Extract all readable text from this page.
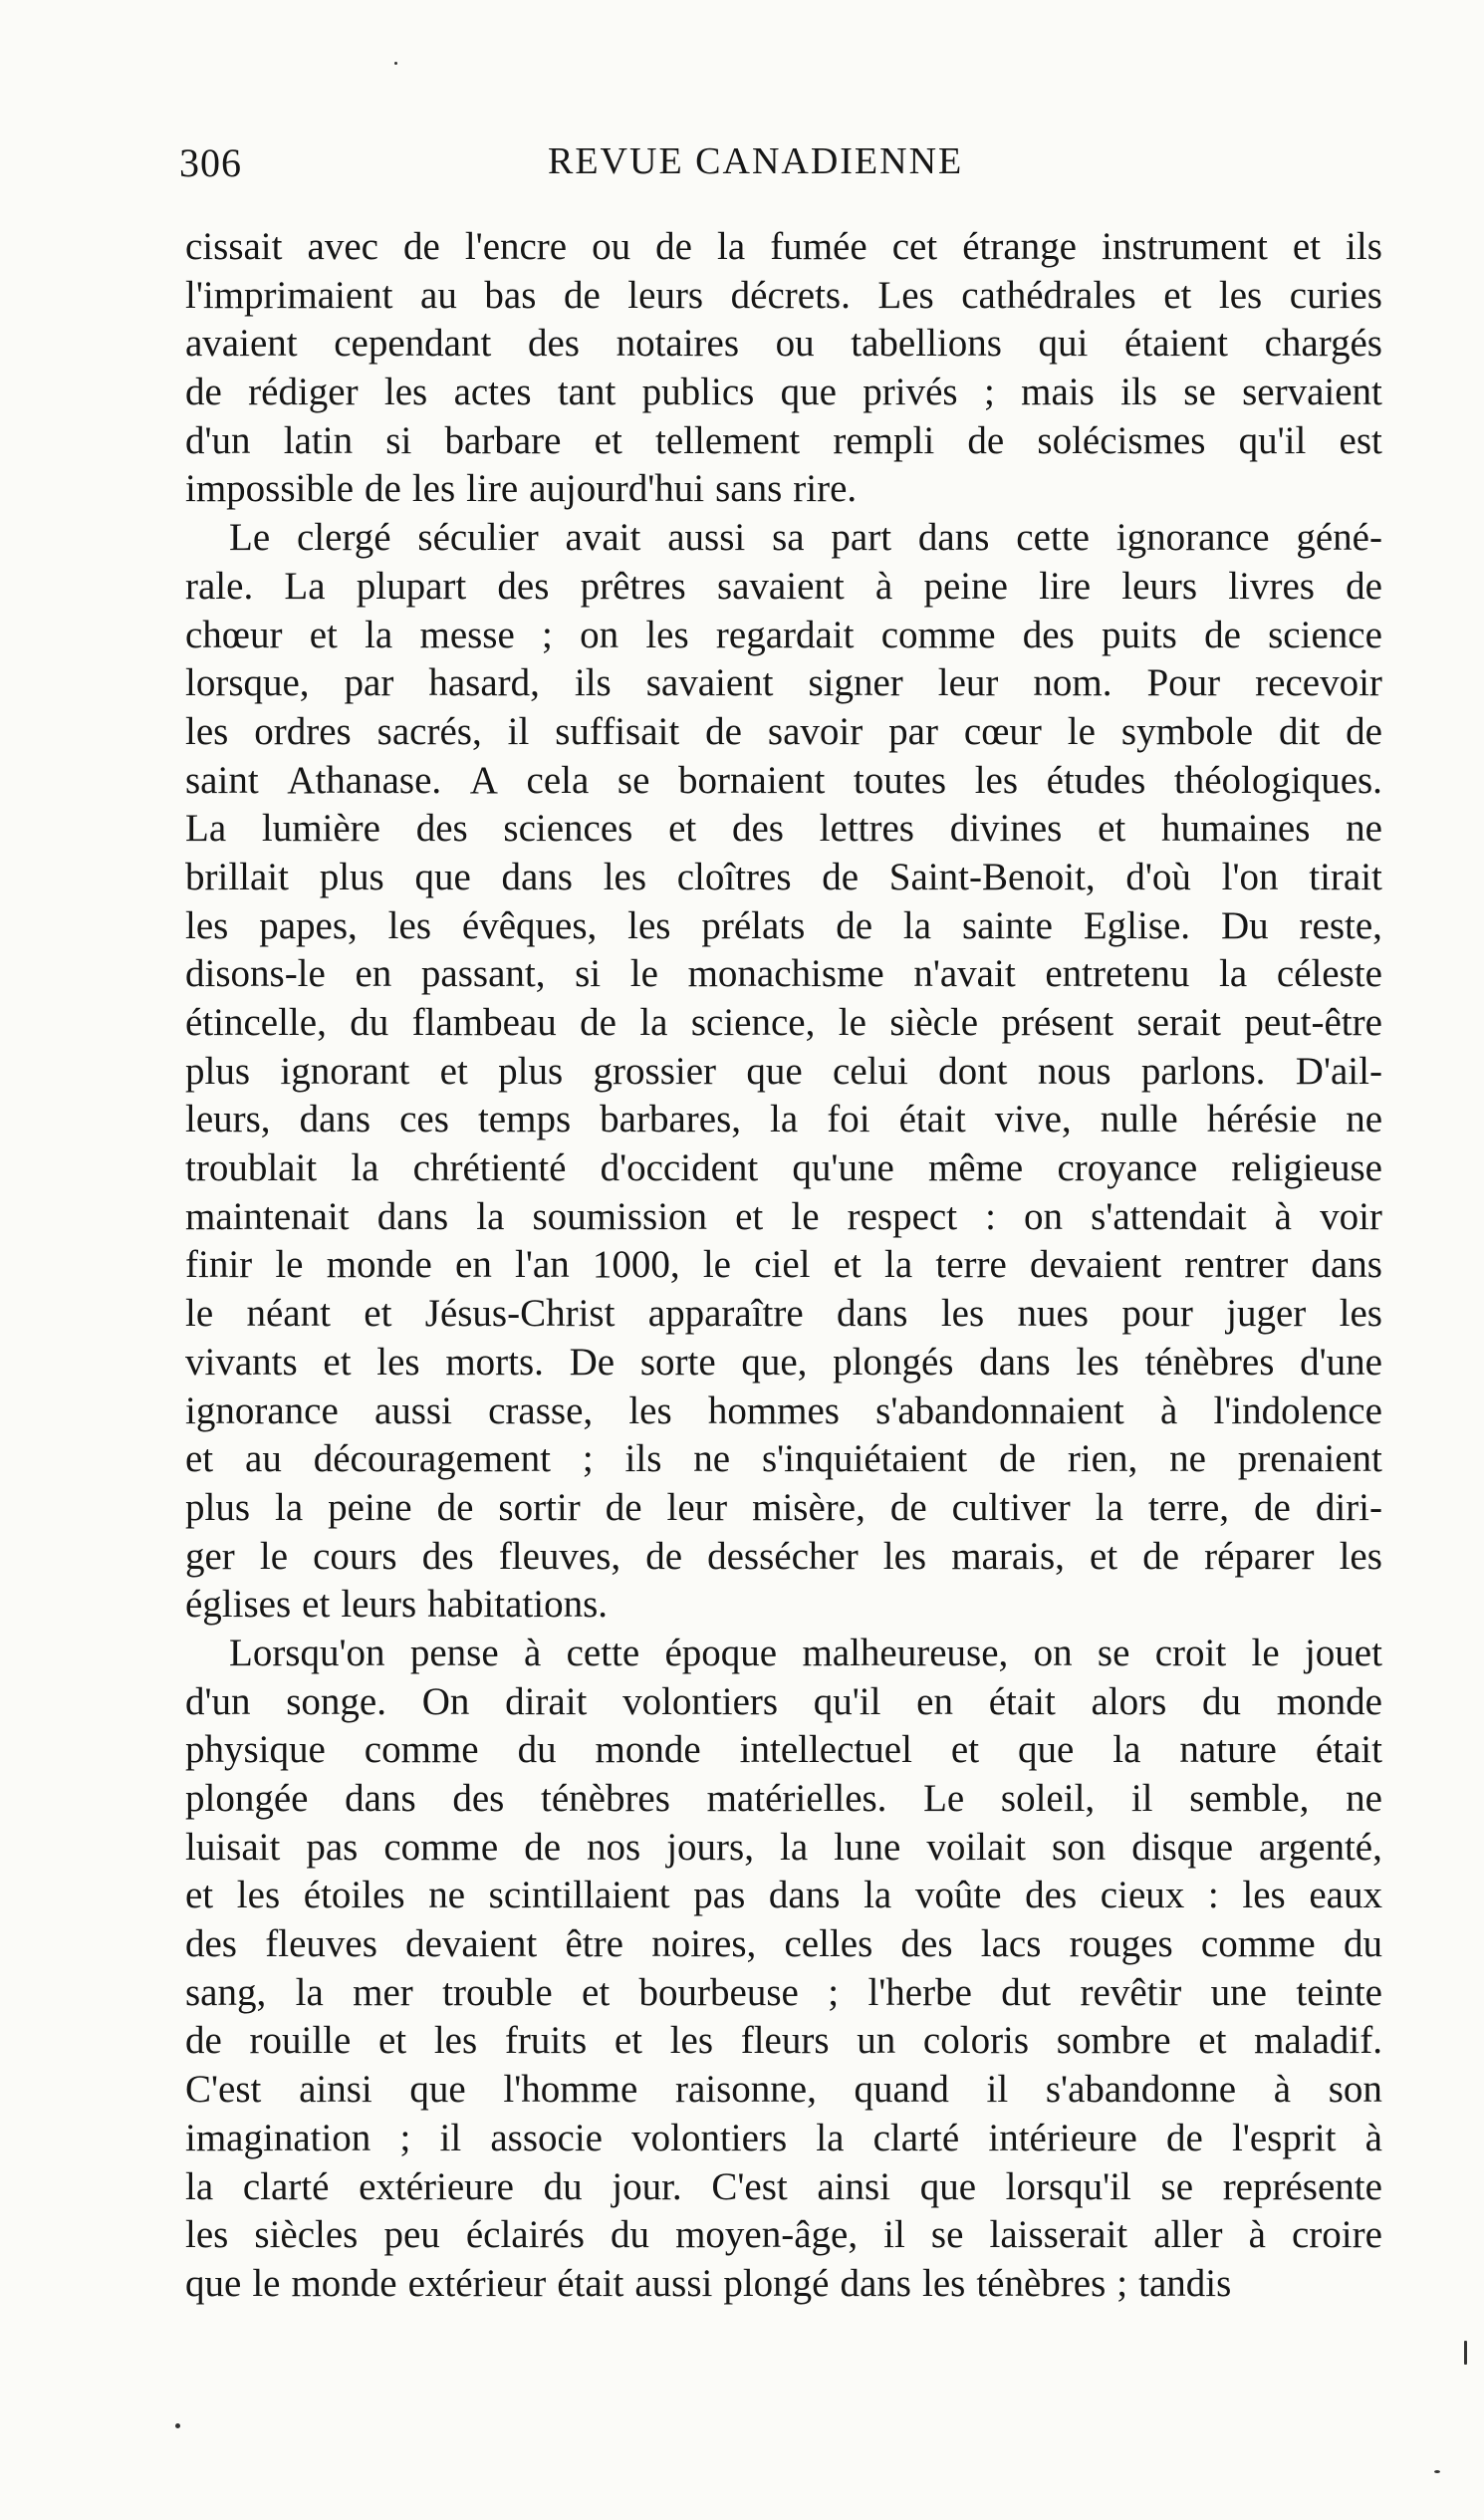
306	REVUE CANADIENNE
cissait avec de l'encre ou de la fumée cet étrange instrument et ils
l'imprimaient au bas de leurs décrets. Les cathédrales et les curies
avaient cependant des notaires ou tabellions qui étaient chargés
de rédiger les actes tant publics que privés ; mais ils se servaient
d'un latin si barbare et tellement rempli de solécismes qu'il est
impossible de les lire aujourd'hui sans rire.
Le clergé séculier avait aussi sa part dans cette ignorance géné-
rale. La plupart des prêtres savaient à peine lire leurs livres de
chœur et la messe ; on les regardait comme des puits de science
lorsque, par hasard, ils savaient signer leur nom. Pour recevoir
les ordres sacrés, il suffisait de savoir par cœur le symbole dit de
saint Athanase. A cela se bornaient toutes les études théologiques.
La lumière des sciences et des lettres divines et humaines ne
brillait plus que dans les cloîtres de Saint-Benoit, d'où l'on tirait
les papes, les évêques, les prélats de la sainte Eglise. Du reste,
disons-le en passant, si le monachisme n'avait entretenu la céleste
étincelle, du flambeau de la science, le siècle présent serait peut-être
plus ignorant et plus grossier que celui dont nous parlons. D'ail-
leurs, dans ces temps barbares, la foi était vive, nulle hérésie ne
troublait la chrétienté d'occident qu'une même croyance religieuse
maintenait dans la soumission et le respect : on s'attendait à voir
finir le monde en l'an 1000, le ciel et la terre devaient rentrer dans
le néant et Jésus-Christ apparaître dans les nues pour juger les
vivants et les morts. De sorte que, plongés dans les ténèbres d'une
ignorance aussi crasse, les hommes s'abandonnaient à l'indolence
et au découragement ; ils ne s'inquiétaient de rien, ne prenaient
plus la peine de sortir de leur misère, de cultiver la terre, de diri-
ger le cours des fleuves, de dessécher les marais, et de réparer les
églises et leurs habitations.
Lorsqu'on pense à cette époque malheureuse, on se croit le jouet
d'un songe. On dirait volontiers qu'il en était alors du monde
physique comme du monde intellectuel et que la nature était
plongée dans des ténèbres matérielles. Le soleil, il semble, ne
luisait pas comme de nos jours, la lune voilait son disque argenté,
et les étoiles ne scintillaient pas dans la voûte des cieux : les eaux
des fleuves devaient être noires, celles des lacs rouges comme du
sang, la mer trouble et bourbeuse ; l'herbe dut revêtir une teinte
de rouille et les fruits et les fleurs un coloris sombre et maladif.
C'est ainsi que l'homme raisonne, quand il s'abandonne à son
imagination ; il associe volontiers la clarté intérieure de l'esprit à
la clarté extérieure du jour. C'est ainsi que lorsqu'il se représente
les siècles peu éclairés du moyen-âge, il se laisserait aller à croire
que le monde extérieur était aussi plongé dans les ténèbres ; tandis
